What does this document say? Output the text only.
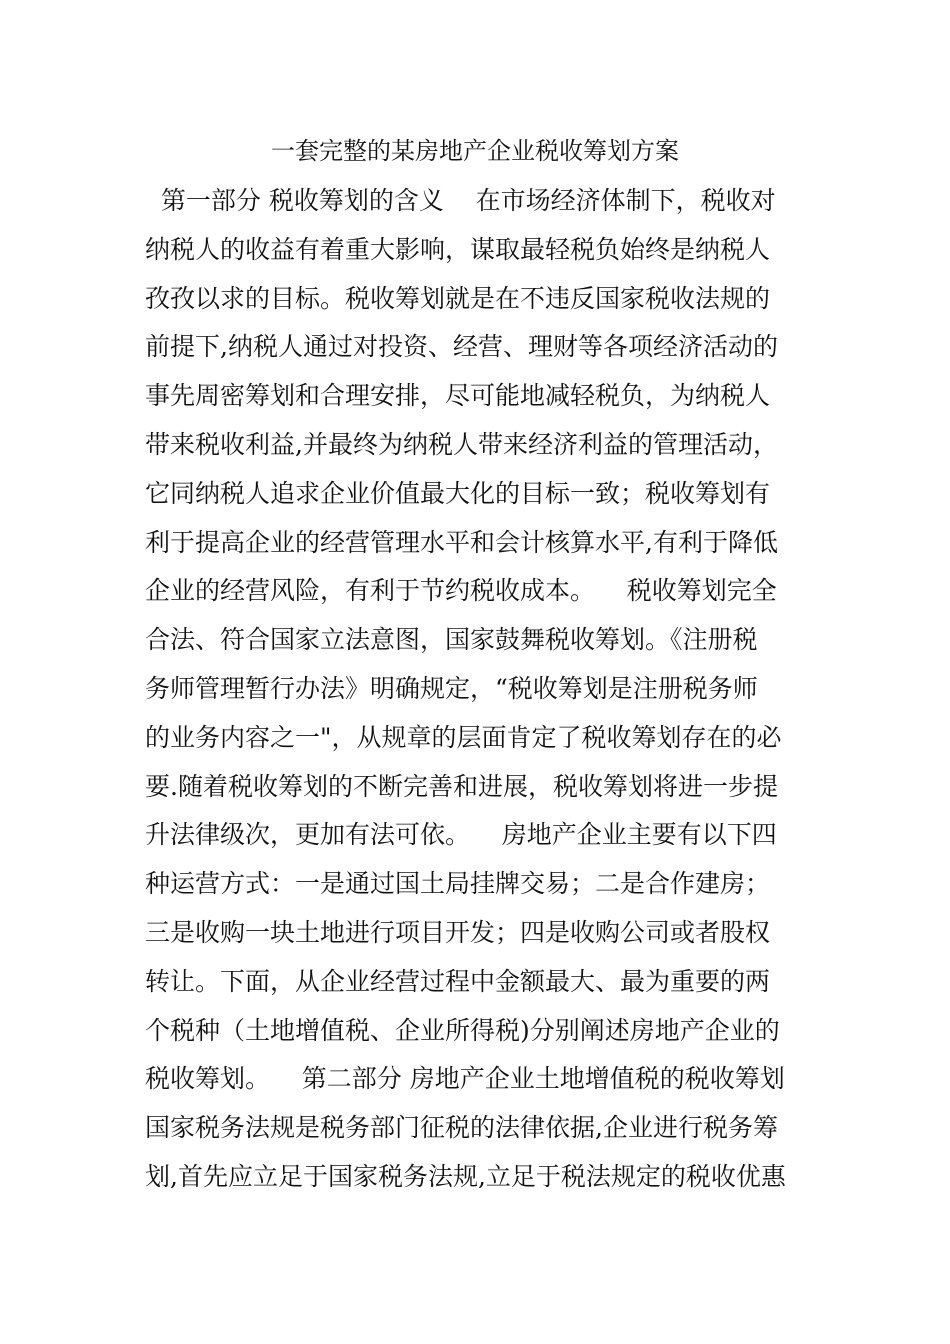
一套完整的某房地产企业税收筹划方案
第一部分 税收筹划的含义    在市场经济体制下，税收对
纳税人的收益有着重大影响，谋取最轻税负始终是纳税人
孜孜以求的目标。税收筹划就是在不违反国家税收法规的
前提下,纳税人通过对投资、经营、理财等各项经济活动的
事先周密筹划和合理安排，尽可能地减轻税负，为纳税人
带来税收利益,并最终为纳税人带来经济利益的管理活动，
它同纳税人追求企业价值最大化的目标一致；税收筹划有
利于提高企业的经营管理水平和会计核算水平,有利于降低
企业的经营风险，有利于节约税收成本。    税收筹划完全
合法、符合国家立法意图，国家鼓舞税收筹划。《注册税
务师管理暂行办法》明确规定，“税收筹划是注册税务师
的业务内容之一"，从规章的层面肯定了税收筹划存在的必
要.随着税收筹划的不断完善和进展，税收筹划将进一步提
升法律级次，更加有法可依。    房地产企业主要有以下四
种运营方式：一是通过国土局挂牌交易；二是合作建房；
三是收购一块土地进行项目开发；四是收购公司或者股权
转让。下面，从企业经营过程中金额最大、最为重要的两
个税种（土地增值税、企业所得税)分别阐述房地产企业的
税收筹划。    第二部分 房地产企业土地增值税的税收筹划
国家税务法规是税务部门征税的法律依据,企业进行税务筹
划,首先应立足于国家税务法规,立足于税法规定的税收优惠
